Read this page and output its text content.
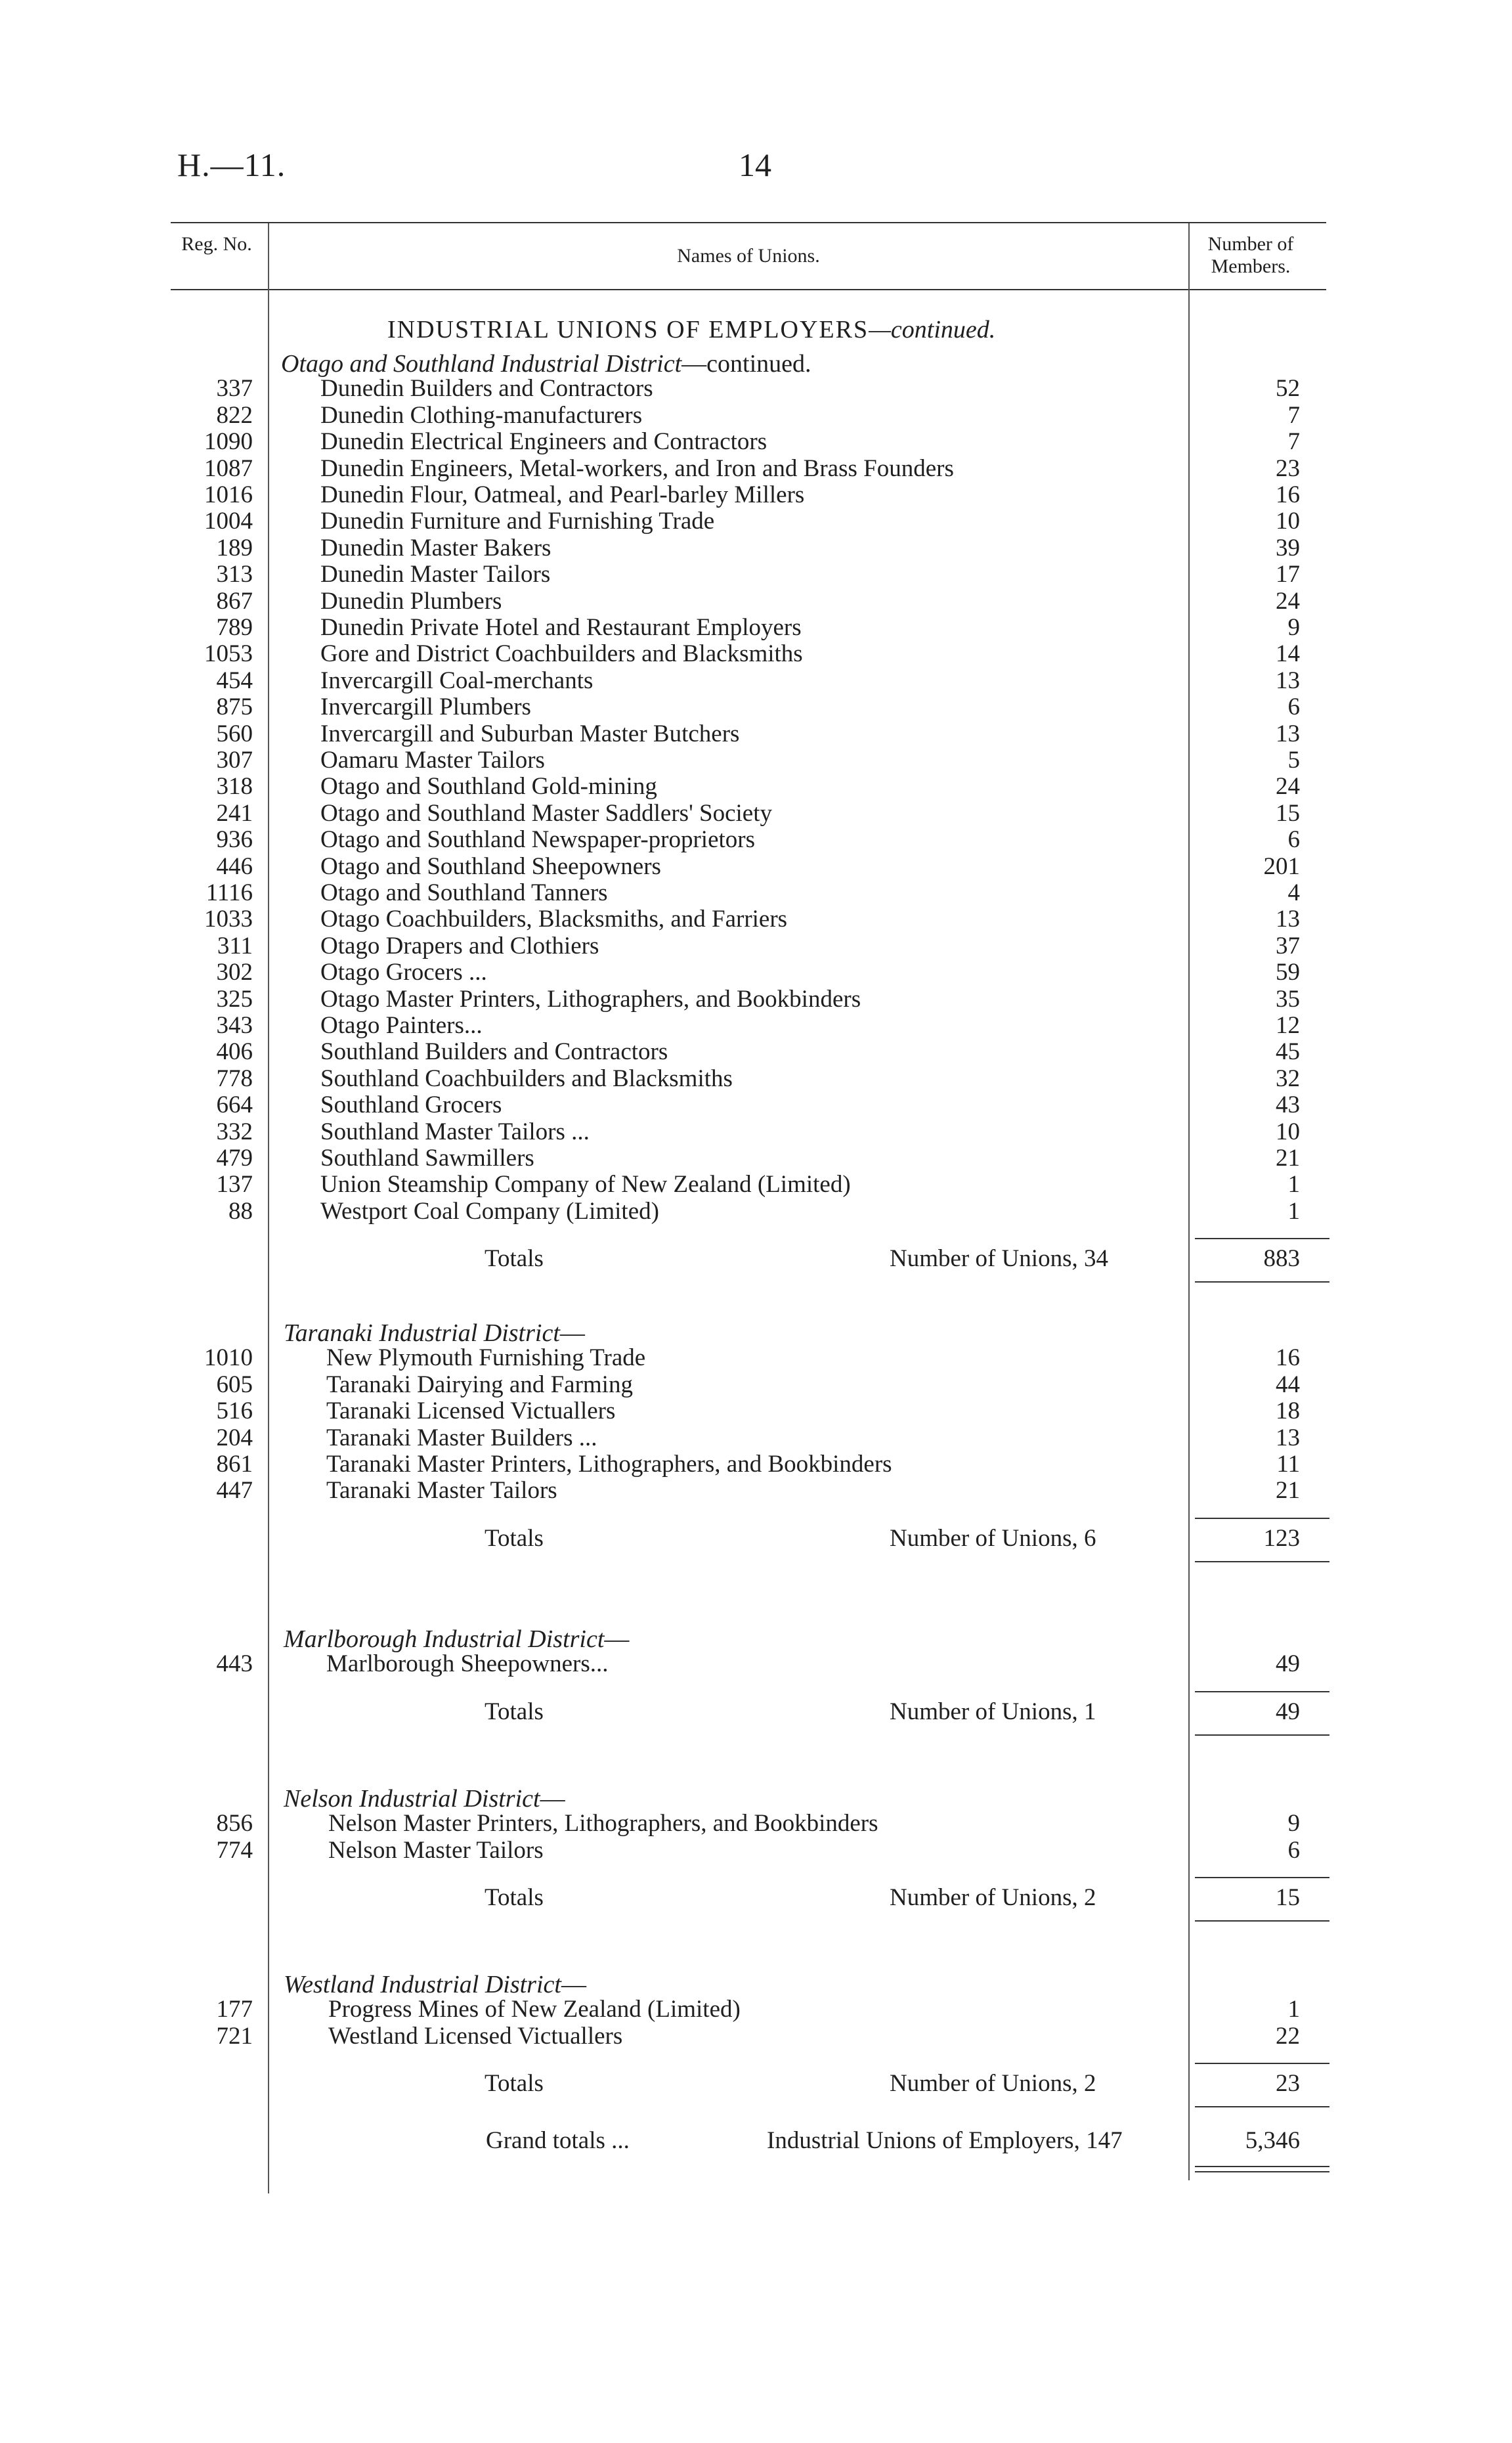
H.—11.	14
Reg. No.
Names of Unions.
Number of Members.
INDUSTRIAL UNIONS OF EMPLOYERS—continued.
Otago and Southland Industrial District—continued.
337	Dunedin Builders and Contractors	52
822	Dunedin Clothing-manufacturers	7
1090	Dunedin Electrical Engineers and Contractors	7
1087	Dunedin Engineers, Metal-workers, and Iron and Brass Founders	23
1016	Dunedin Flour, Oatmeal, and Pearl-barley Millers	16
1004	Dunedin Furniture and Furnishing Trade	10
189	Dunedin Master Bakers	39
313	Dunedin Master Tailors	17
867	Dunedin Plumbers	24
789	Dunedin Private Hotel and Restaurant Employers	9
1053	Gore and District Coachbuilders and Blacksmiths	14
454	Invercargill Coal-merchants	13
875	Invercargill Plumbers	6
560	Invercargill and Suburban Master Butchers	13
307	Oamaru Master Tailors	5
318	Otago and Southland Gold-mining	24
241	Otago and Southland Master Saddlers' Society	15
936	Otago and Southland Newspaper-proprietors	6
446	Otago and Southland Sheepowners	201
1116	Otago and Southland Tanners	4
1033	Otago Coachbuilders, Blacksmiths, and Farriers	13
311	Otago Drapers and Clothiers	37
302	Otago Grocers ...	59
325	Otago Master Printers, Lithographers, and Bookbinders	35
343	Otago Painters...	12
406	Southland Builders and Contractors	45
778	Southland Coachbuilders and Blacksmiths	32
664	Southland Grocers	43
332	Southland Master Tailors ...	10
479	Southland Sawmillers	21
137	Union Steamship Company of New Zealand (Limited)	1
88	Westport Coal Company (Limited)	1
Totals	Number of Unions, 34	883
Taranaki Industrial District—
1010	New Plymouth Furnishing Trade	16
605	Taranaki Dairying and Farming	44
516	Taranaki Licensed Victuallers	18
204	Taranaki Master Builders ...	13
861	Taranaki Master Printers, Lithographers, and Bookbinders	11
447	Taranaki Master Tailors	21
Totals	Number of Unions, 6	123
Marlborough Industrial District—
443	Marlborough Sheepowners...	49
Totals	Number of Unions, 1	49
Nelson Industrial District—
856	Nelson Master Printers, Lithographers, and Bookbinders	9
774	Nelson Master Tailors	6
Totals	Number of Unions, 2	15
Westland Industrial District—
177	Progress Mines of New Zealand (Limited)	1
721	Westland Licensed Victuallers	22
Totals	Number of Unions, 2	23
Grand totals ...	Industrial Unions of Employers, 147	5,346
